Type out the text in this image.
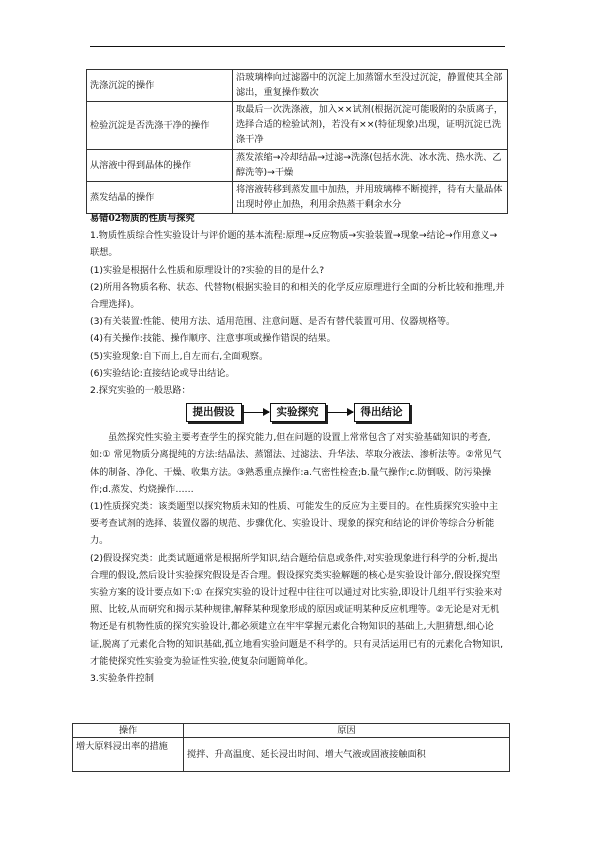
洗涤沉淀的操作	沿玻璃棒向过滤器中的沉淀上加蒸馏水至没过沉淀，静置使其全部滤出，重复操作数次
检验沉淀是否洗涤干净的操作	取最后一次洗涤液，加入××试剂(根据沉淀可能吸附的杂质离子，选择合适的检验试剂)，若没有××(特征现象)出现，证明沉淀已洗涤干净
从溶液中得到晶体的操作	蒸发浓缩→冷却结晶→过滤→洗涤(包括水洗、冰水洗、热水洗、乙醇洗等)→干燥
蒸发结晶的操作	将溶液转移到蒸发皿中加热，并用玻璃棒不断搅拌，待有大量晶体出现时停止加热，利用余热蒸干剩余水分

易错02物质的性质与探究

1.物质性质综合性实验设计与评价题的基本流程:原理→反应物质→实验装置→现象→结论→作用意义→联想。

(1)实验是根据什么性质和原理设计的?实验的目的是什么?

(2)所用各物质名称、状态、代替物(根据实验目的和相关的化学反应原理进行全面的分析比较和推理,并合理选择)。

(3)有关装置:性能、使用方法、适用范围、注意问题、是否有替代装置可用、仪器规格等。

(4)有关操作:技能、操作顺序、注意事项或操作错误的结果。

(5)实验现象:自下而上,自左而右,全面观察。

(6)实验结论:直接结论或导出结论。

2.探究实验的一般思路：

提出假设	实验探究	得出结论

虽然探究性实验主要考查学生的探究能力,但在问题的设置上常常包含了对实验基础知识的考查,如:① 常见物质分离提纯的方法:结晶法、蒸馏法、过滤法、升华法、萃取分液法、渗析法等。②常见气体的制备、净化、干燥、收集方法。③熟悉重点操作:a.气密性检查;b.量气操作;c.防倒吸、防污染操作;d.蒸发、灼烧操作……

(1)性质探究类：该类题型以探究物质未知的性质、可能发生的反应为主要目的。在性质探究实验中主要考查试剂的选择、装置仪器的规范、步骤优化、实验设计、现象的探究和结论的评价等综合分析能力。

(2)假设探究类：此类试题通常是根据所学知识,结合题给信息或条件,对实验现象进行科学的分析,提出合理的假设,然后设计实验探究假设是否合理。假设探究类实验解题的核心是实验设计部分,假设探究型实验方案的设计要点如下:① 在探究实验的设计过程中往往可以通过对比实验,即设计几组平行实验来对照、比较,从而研究和揭示某种规律,解释某种现象形成的原因或证明某种反应机理等。②无论是对无机物还是有机物性质的探究实验设计,都必须建立在牢牢掌握元素化合物知识的基础上,大胆猜想,细心论证,脱离了元素化合物的知识基础,孤立地看实验问题是不科学的。只有灵活运用已有的元素化合物知识,才能使探究性实验变为验证性实验,使复杂问题简单化。

3.实验条件控制

操作	原因
增大原料浸出率的措施	搅拌、升高温度、延长浸出时间、增大气液或固液接触面积
